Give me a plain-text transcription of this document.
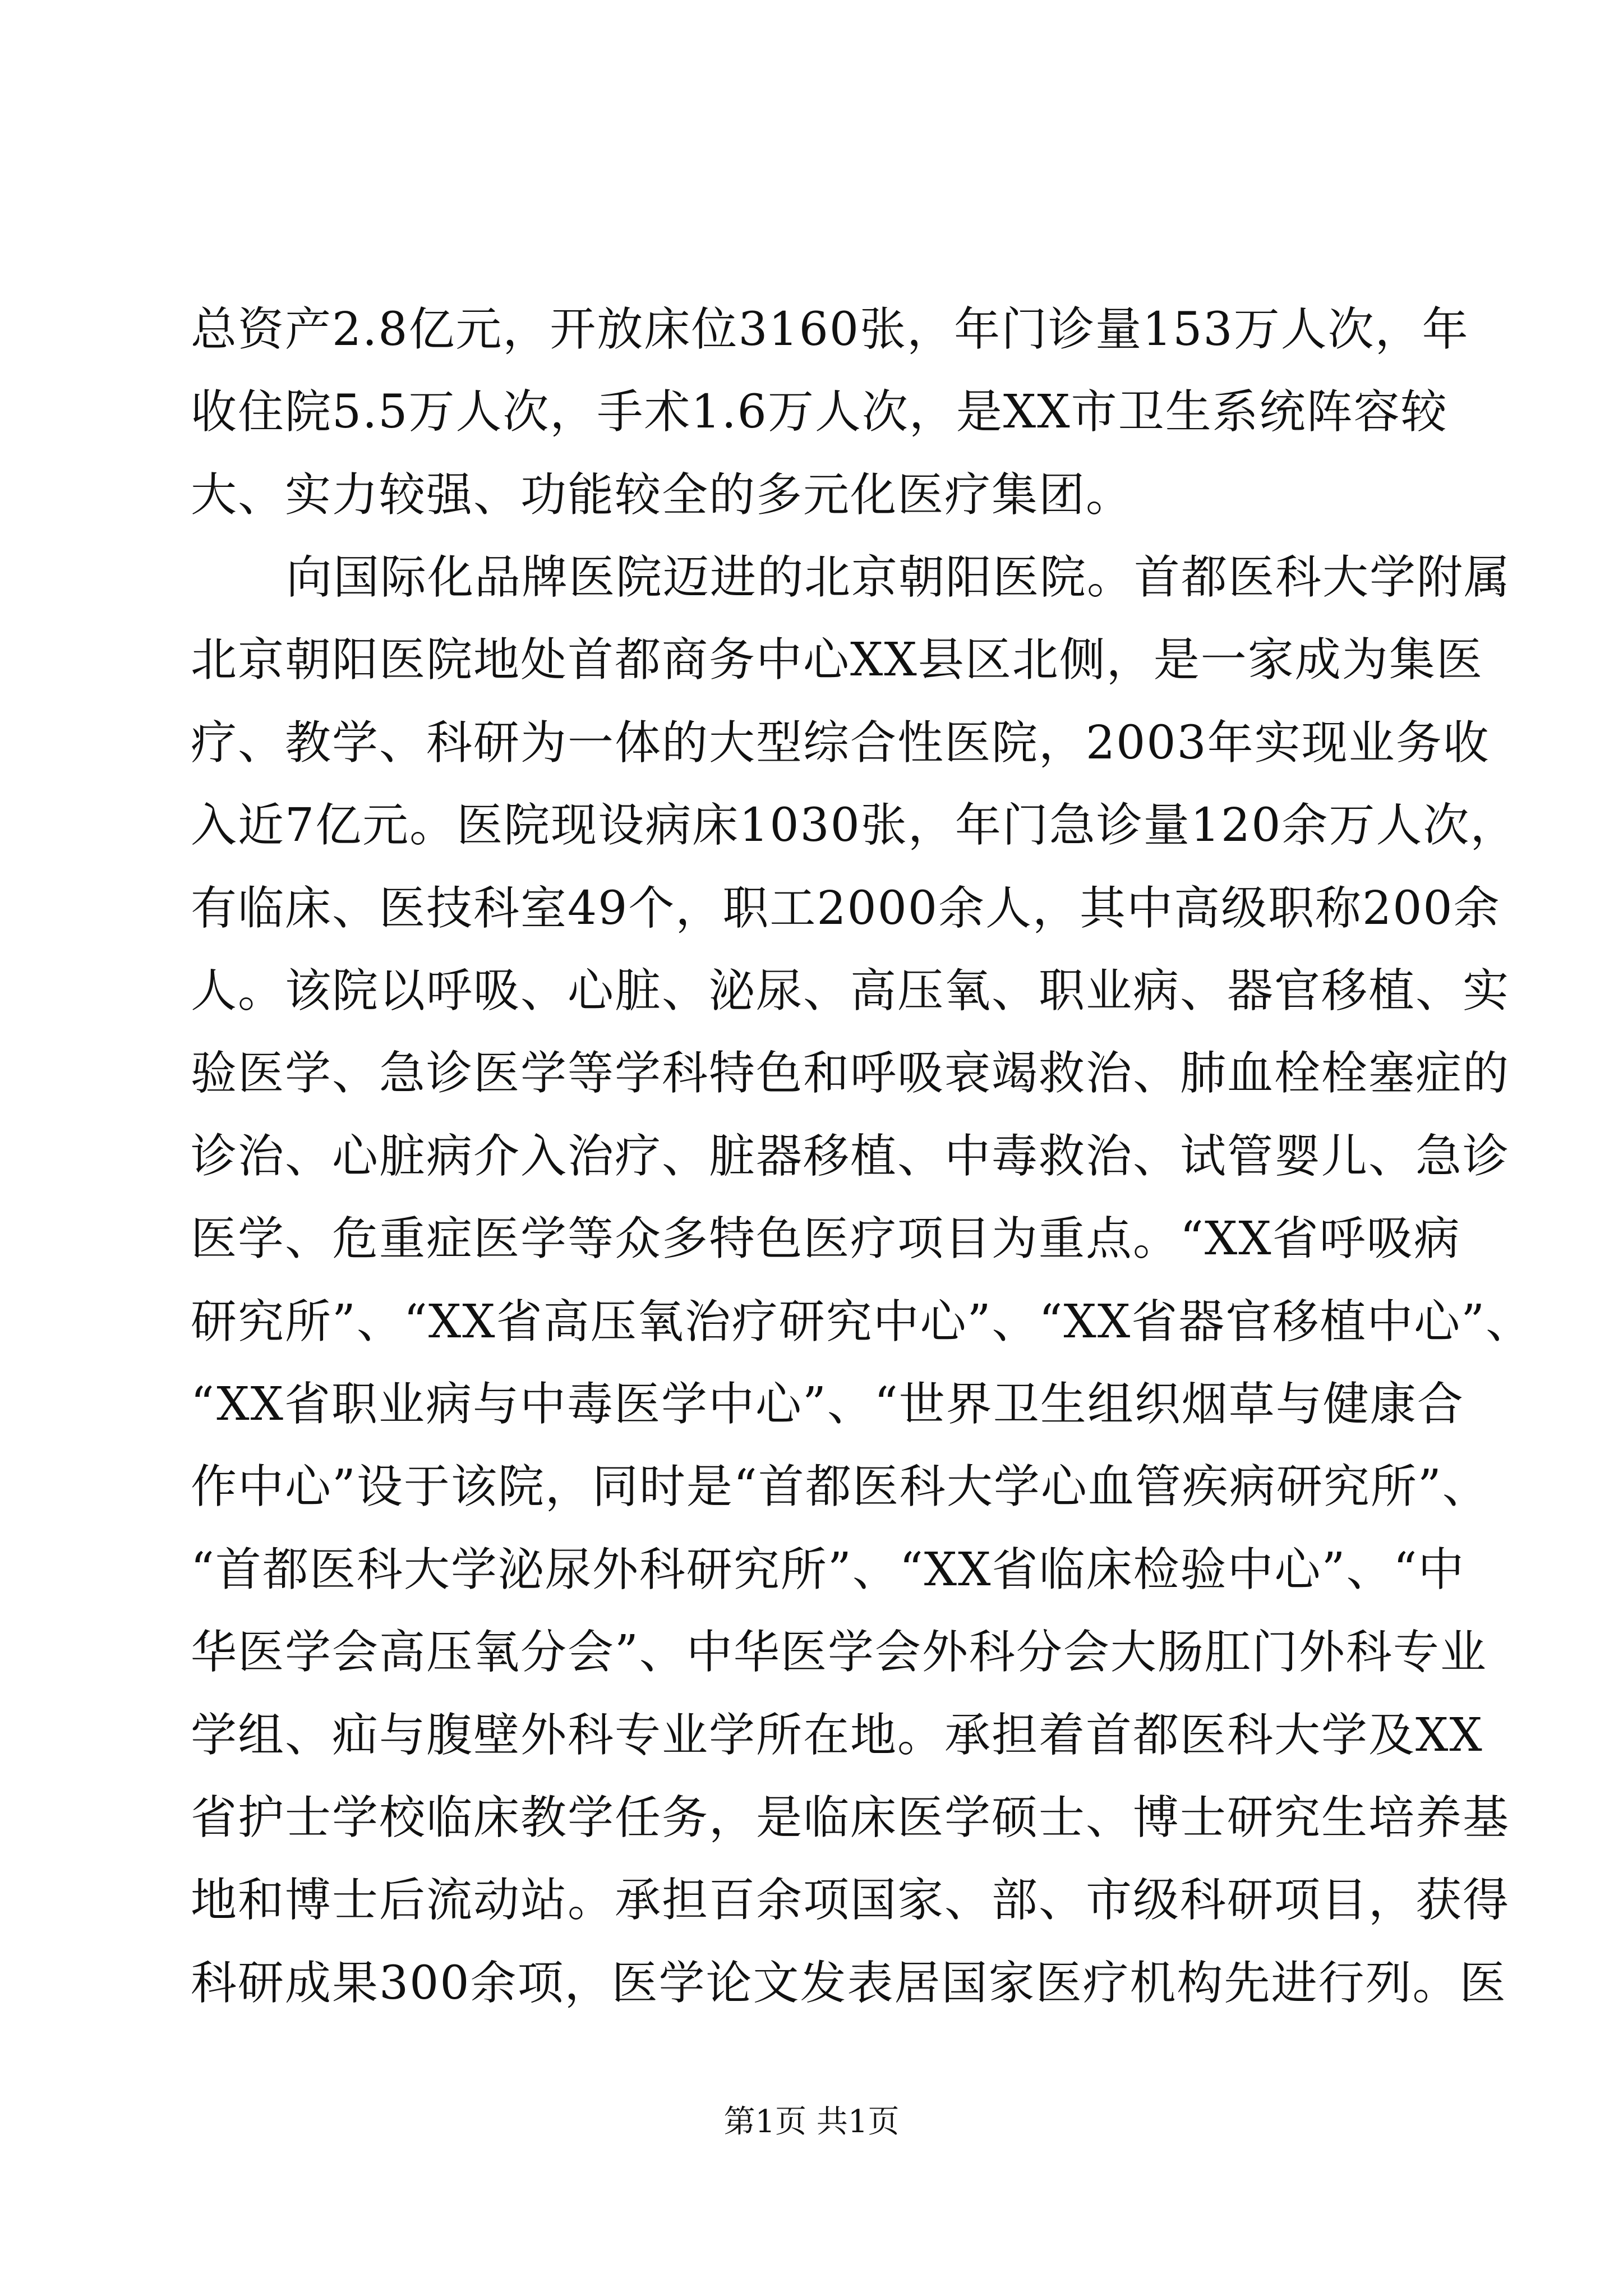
总资产2.8亿元，开放床位3160张，年门诊量153万人次，年
收住院5.5万人次，手术1.6万人次，是XX市卫生系统阵容较
大、实力较强、功能较全的多元化医疗集团。
向国际化品牌医院迈进的北京朝阳医院。首都医科大学附属
北京朝阳医院地处首都商务中心XX县区北侧，是一家成为集医
疗、教学、科研为一体的大型综合性医院，2003年实现业务收
入近7亿元。医院现设病床1030张，年门急诊量120余万人次，
有临床、医技科室49个，职工2000余人，其中高级职称200余
人。该院以呼吸、心脏、泌尿、高压氧、职业病、器官移植、实
验医学、急诊医学等学科特色和呼吸衰竭救治、肺血栓栓塞症的
诊治、心脏病介入治疗、脏器移植、中毒救治、试管婴儿、急诊
医学、危重症医学等众多特色医疗项目为重点。“XX省呼吸病
研究所”、“XX省高压氧治疗研究中心”、“XX省器官移植中心”、
“XX省职业病与中毒医学中心”、“世界卫生组织烟草与健康合
作中心”设于该院，同时是“首都医科大学心血管疾病研究所”、
“首都医科大学泌尿外科研究所”、“XX省临床检验中心”、“中
华医学会高压氧分会”、中华医学会外科分会大肠肛门外科专业
学组、疝与腹壁外科专业学所在地。承担着首都医科大学及XX
省护士学校临床教学任务，是临床医学硕士、博士研究生培养基
地和博士后流动站。承担百余项国家、部、市级科研项目，获得
科研成果300余项，医学论文发表居国家医疗机构先进行列。医
第1页 共1页
